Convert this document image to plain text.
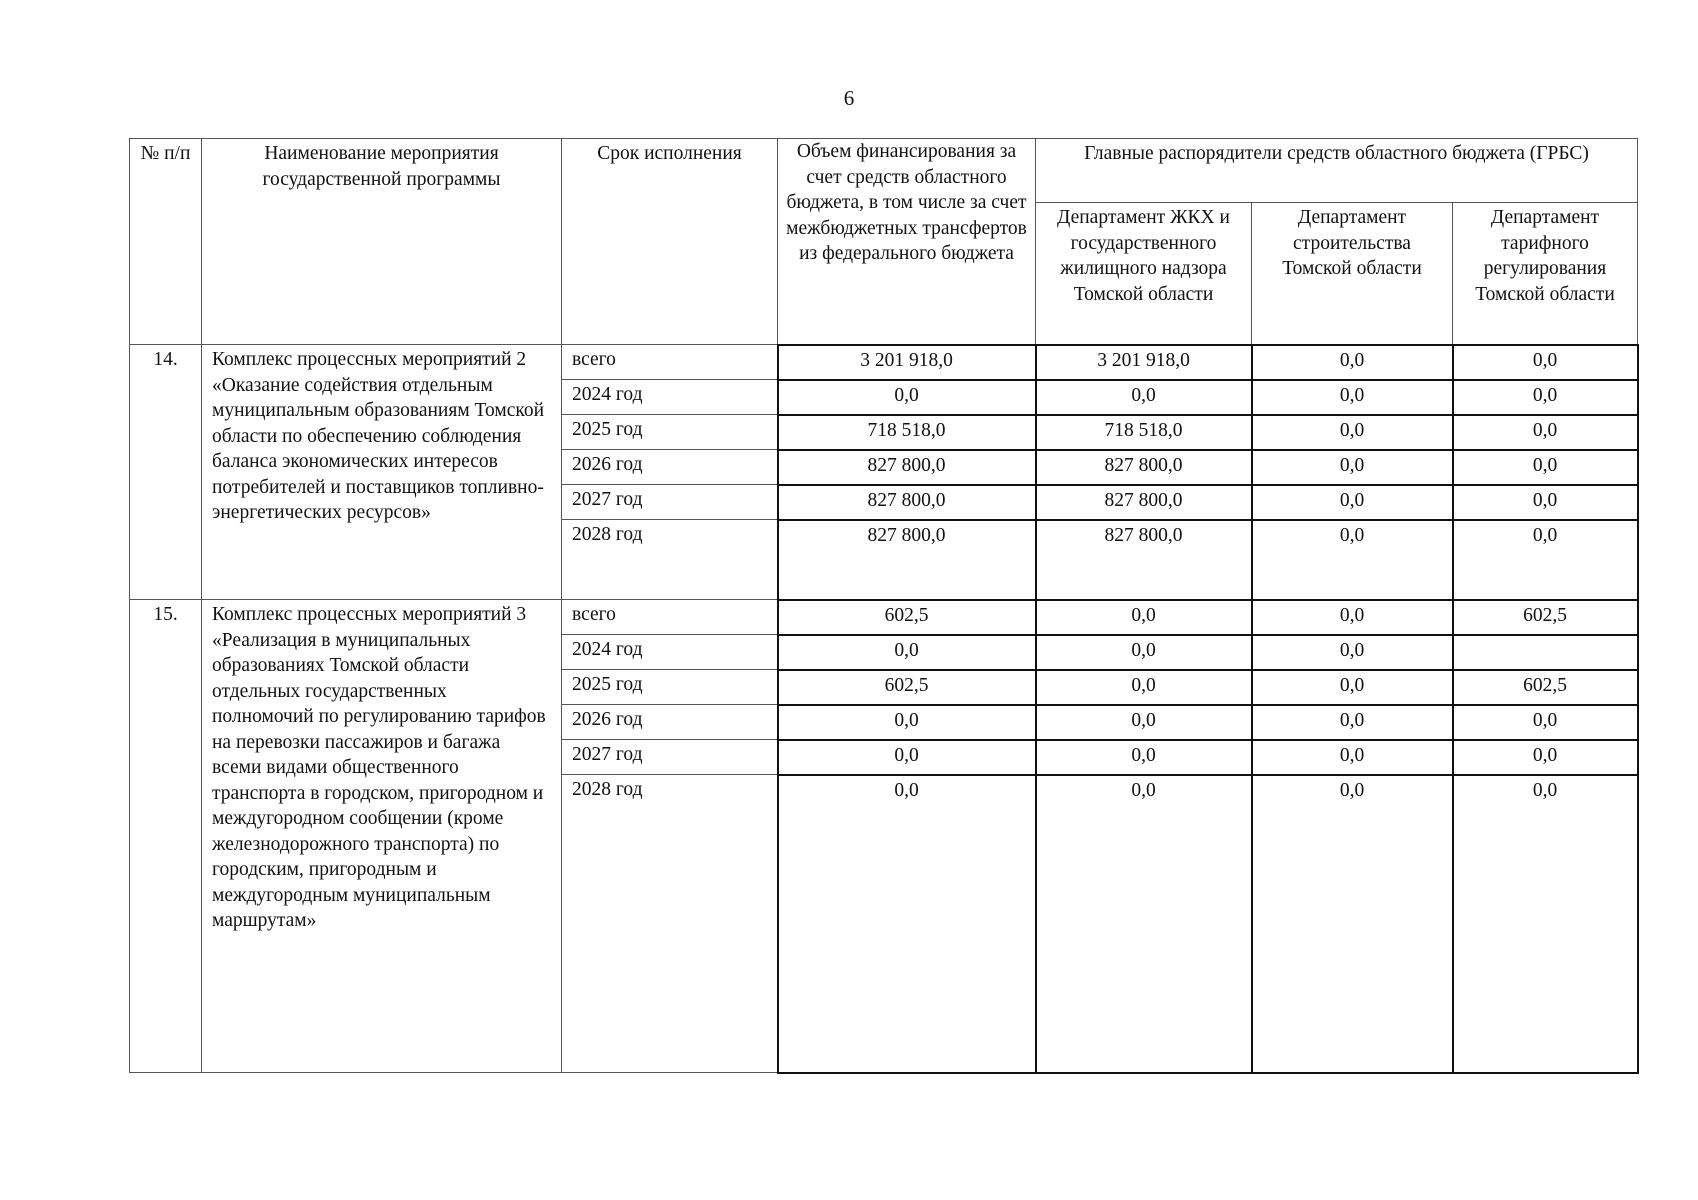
6
№ п/п	Наименование мероприятия государственной программы	Срок исполнения	Объем финансирования за счет средств областного бюджета, в том числе за счет межбюджетных трансфертов из федерального бюджета	Главные распорядители средств областного бюджета (ГРБС)		

				Департамент ЖКХ и государственного жилищного надзора Томской области	Департамент строительства Томской области	Департамент тарифного регулирования Томской области

14.	Комплекс процессных мероприятий 2 «Оказание содействия отдельным муниципальным образованиям Томской области по обеспечению соблюдения баланса экономических интересов потребителей и поставщиков топливно-энергетических ресурсов»	всего	3 201 918,0	3 201 918,0	0,0	0,0
		2024 год	0,0	0,0	0,0	0,0
		2025 год	718 518,0	718 518,0	0,0	0,0
		2026 год	827 800,0	827 800,0	0,0	0,0
		2027 год	827 800,0	827 800,0	0,0	0,0
		2028 год	827 800,0	827 800,0	0,0	0,0
15.	Комплекс процессных мероприятий 3 «Реализация в муниципальных образованиях Томской области отдельных государственных полномочий по регулированию тарифов на перевозки пассажиров и багажа всеми видами общественного транспорта в городском, пригородном и междугородном сообщении (кроме железнодорожного транспорта) по городским, пригородным и междугородным муниципальным маршрутам»	всего	602,5	0,0	0,0	602,5
		2024 год	0,0	0,0	0,0	
		2025 год	602,5	0,0	0,0	602,5
		2026 год	0,0	0,0	0,0	0,0
		2027 год	0,0	0,0	0,0	0,0
		2028 год	0,0	0,0	0,0	0,0
